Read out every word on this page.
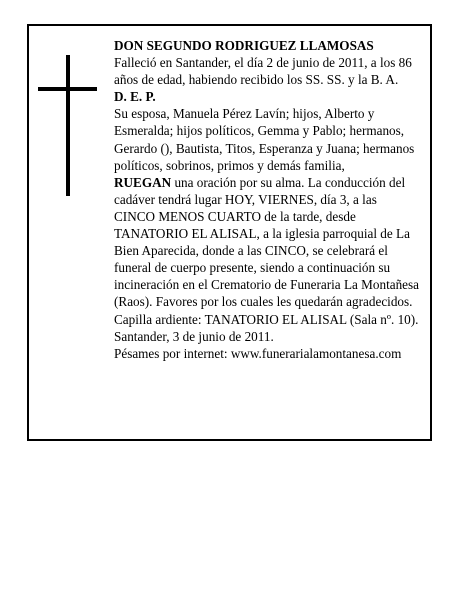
DON SEGUNDO RODRIGUEZ LLAMOSAS

Falleció en Santander, el día 2 de junio de 2011, a los 86 años de edad, habiendo recibido los SS. SS. y la B. A.

D. E. P.

Su esposa, Manuela Pérez Lavín; hijos, Alberto y Esmeralda; hijos políticos, Gemma y Pablo; hermanos, Gerardo (), Bautista, Titos, Esperanza y Juana; hermanos políticos, sobrinos, primos y demás familia,

RUEGAN una oración por su alma. La conducción del cadáver tendrá lugar HOY, VIERNES, día 3, a las CINCO MENOS CUARTO de la tarde, desde TANATORIO EL ALISAL, a la iglesia parroquial de La Bien Aparecida, donde a las CINCO, se celebrará el funeral de cuerpo presente, siendo a continuación su incineración en el Crematorio de Funeraria La Montañesa (Raos). Favores por los cuales les quedarán agradecidos. Capilla ardiente: TANATORIO EL ALISAL (Sala nº. 10).

Santander, 3 de junio de 2011.

Pésames por internet: www.funerarialamontanesa.com
